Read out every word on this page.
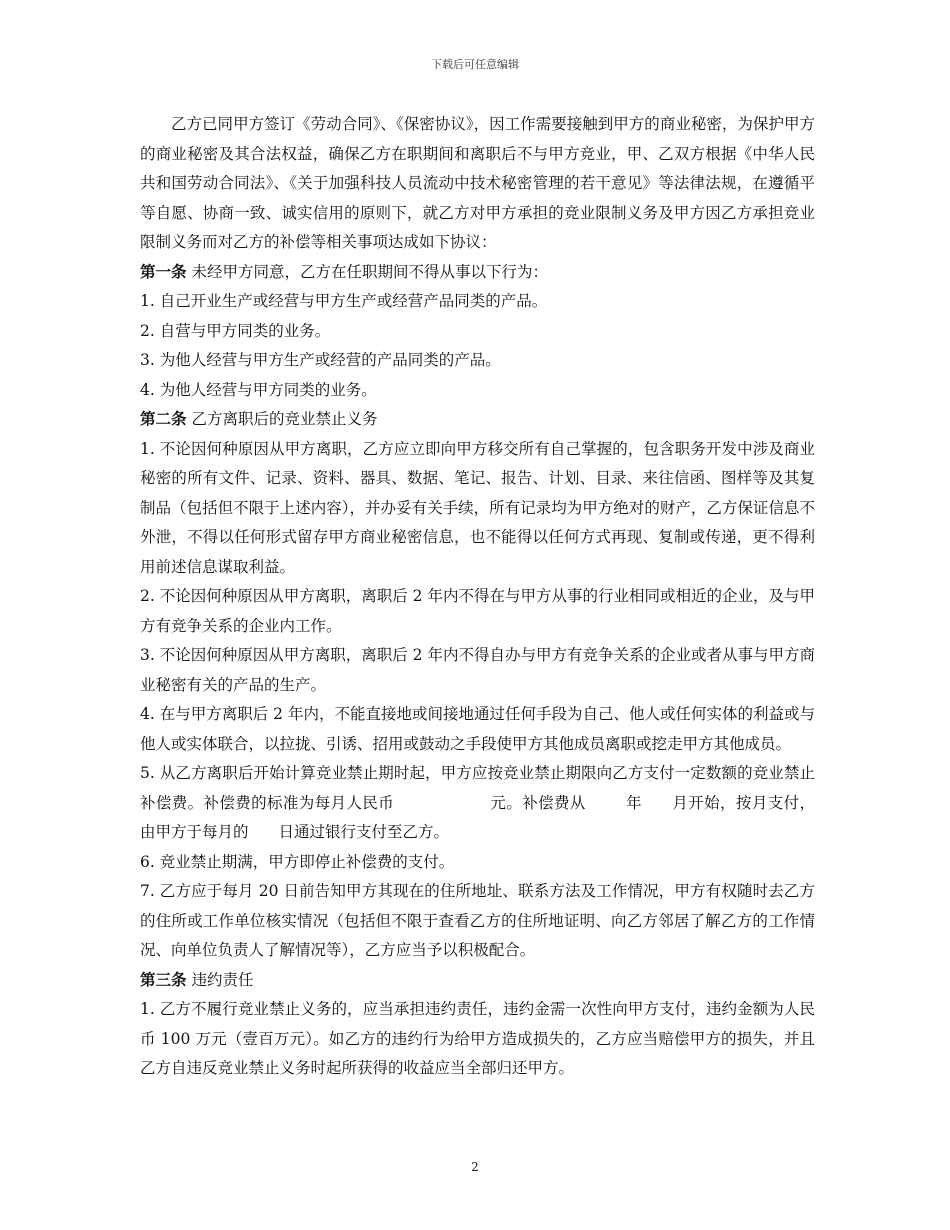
下载后可任意编辑

乙方已同甲方签订《劳动合同》、《保密协议》，因工作需要接触到甲方的商业秘密，为保护甲方的商业秘密及其合法权益，确保乙方在职期间和离职后不与甲方竞业，甲、乙双方根据《中华人民共和国劳动合同法》、《关于加强科技人员流动中技术秘密管理的若干意见》等法律法规，在遵循平等自愿、协商一致、诚实信用的原则下，就乙方对甲方承担的竞业限制义务及甲方因乙方承担竞业限制义务而对乙方的补偿等相关事项达成如下协议：

第一条 未经甲方同意，乙方在任职期间不得从事以下行为：

1. 自己开业生产或经营与甲方生产或经营产品同类的产品。

2. 自营与甲方同类的业务。

3. 为他人经营与甲方生产或经营的产品同类的产品。

4. 为他人经营与甲方同类的业务。

第二条 乙方离职后的竞业禁止义务

1. 不论因何种原因从甲方离职，乙方应立即向甲方移交所有自己掌握的，包含职务开发中涉及商业秘密的所有文件、记录、资料、器具、数据、笔记、报告、计划、目录、来往信函、图样等及其复制品（包括但不限于上述内容），并办妥有关手续，所有记录均为甲方绝对的财产，乙方保证信息不外泄，不得以任何形式留存甲方商业秘密信息，也不能得以任何方式再现、复制或传递，更不得利用前述信息谋取利益。

2. 不论因何种原因从甲方离职，离职后 2 年内不得在与甲方从事的行业相同或相近的企业，及与甲方有竞争关系的企业内工作。

3. 不论因何种原因从甲方离职，离职后 2 年内不得自办与甲方有竞争关系的企业或者从事与甲方商业秘密有关的产品的生产。

4. 在与甲方离职后 2 年内，不能直接地或间接地通过任何手段为自己、他人或任何实体的利益或与他人或实体联合，以拉拢、引诱、招用或鼓动之手段使甲方其他成员离职或挖走甲方其他成员。

5. 从乙方离职后开始计算竞业禁止期时起，甲方应按竞业禁止期限向乙方支付一定数额的竞业禁止补偿费。补偿费的标准为每月人民币	元。补偿费从	年 月开始，按月支付，由甲方于每月的 日通过银行支付至乙方。

6. 竞业禁止期满，甲方即停止补偿费的支付。

7. 乙方应于每月 20 日前告知甲方其现在的住所地址、联系方法及工作情况，甲方有权随时去乙方的住所或工作单位核实情况（包括但不限于查看乙方的住所地证明、向乙方邻居了解乙方的工作情况、向单位负责人了解情况等），乙方应当予以积极配合。

第三条 违约责任

1. 乙方不履行竞业禁止义务的，应当承担违约责任，违约金需一次性向甲方支付，违约金额为人民币 100 万元（壹百万元）。如乙方的违约行为给甲方造成损失的，乙方应当赔偿甲方的损失，并且乙方自违反竞业禁止义务时起所获得的收益应当全部归还甲方。

2
